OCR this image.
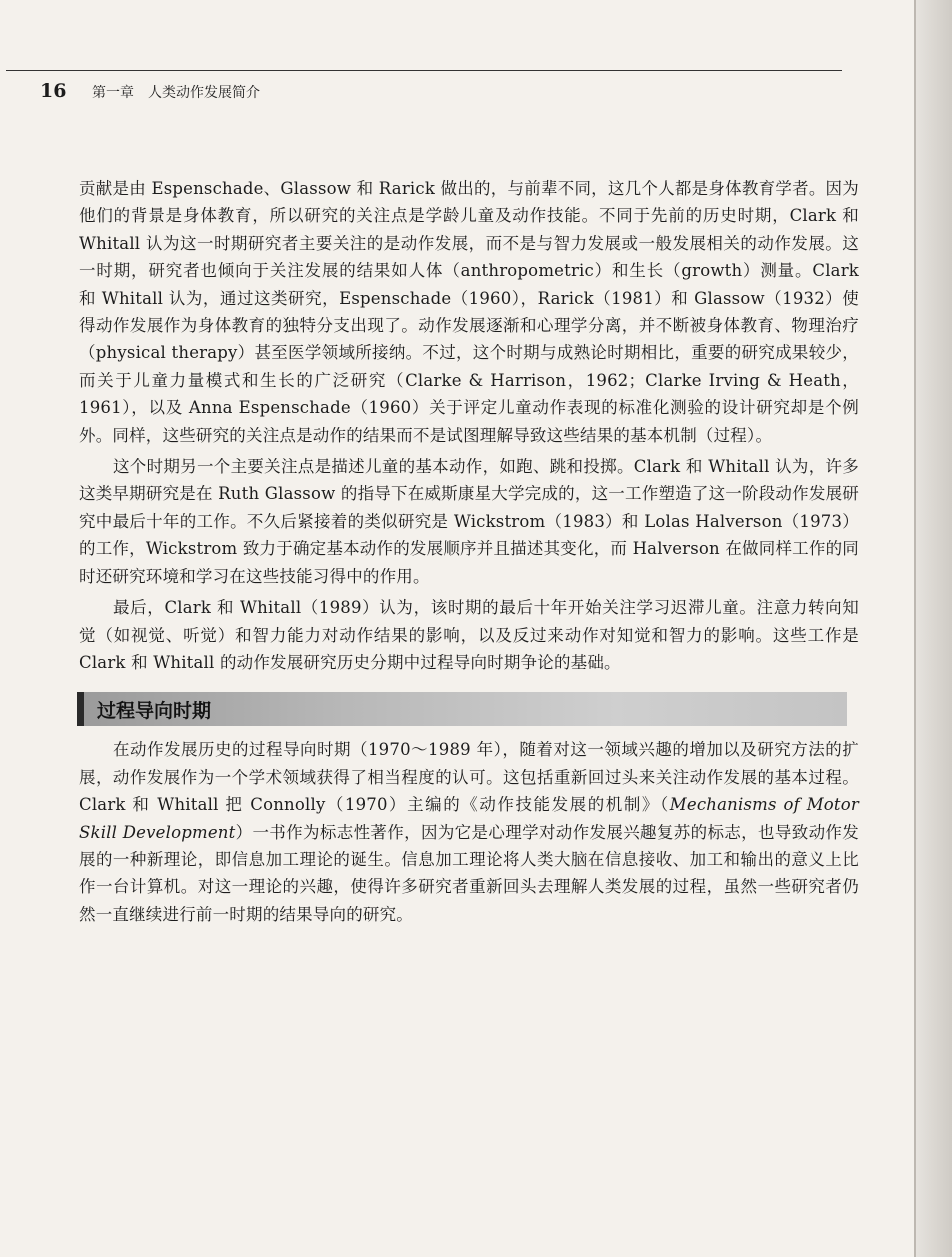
16 第一章　人类动作发展简介

贡献是由 Espenschade、Glassow 和 Rarick 做出的，与前辈不同，这几个人都是身体教育学者。因为他们的背景是身体教育，所以研究的关注点是学龄儿童及动作技能。不同于先前的历史时期，Clark 和 Whitall 认为这一时期研究者主要关注的是动作发展，而不是与智力发展或一般发展相关的动作发展。这一时期，研究者也倾向于关注发展的结果如人体（anthropometric）和生长（growth）测量。Clark 和 Whitall 认为，通过这类研究，Espenschade（1960），Rarick（1981）和 Glassow（1932）使得动作发展作为身体教育的独特分支出现了。动作发展逐渐和心理学分离，并不断被身体教育、物理治疗（physical therapy）甚至医学领域所接纳。不过，这个时期与成熟论时期相比，重要的研究成果较少，而关于儿童力量模式和生长的广泛研究（Clarke & Harrison，1962；Clarke Irving & Heath，1961），以及 Anna Espenschade（1960）关于评定儿童动作表现的标准化测验的设计研究却是个例外。同样，这些研究的关注点是动作的结果而不是试图理解导致这些结果的基本机制（过程）。

这个时期另一个主要关注点是描述儿童的基本动作，如跑、跳和投掷。Clark 和 Whitall 认为，许多这类早期研究是在 Ruth Glassow 的指导下在威斯康星大学完成的，这一工作塑造了这一阶段动作发展研究中最后十年的工作。不久后紧接着的类似研究是 Wickstrom（1983）和 Lolas Halverson（1973）的工作，Wickstrom 致力于确定基本动作的发展顺序并且描述其变化，而 Halverson 在做同样工作的同时还研究环境和学习在这些技能习得中的作用。

最后，Clark 和 Whitall（1989）认为，该时期的最后十年开始关注学习迟滞儿童。注意力转向知觉（如视觉、听觉）和智力能力对动作结果的影响，以及反过来动作对知觉和智力的影响。这些工作是 Clark 和 Whitall 的动作发展研究历史分期中过程导向时期争论的基础。

过程导向时期

在动作发展历史的过程导向时期（1970～1989 年），随着对这一领域兴趣的增加以及研究方法的扩展，动作发展作为一个学术领域获得了相当程度的认可。这包括重新回过头来关注动作发展的基本过程。Clark 和 Whitall 把 Connolly（1970）主编的《动作技能发展的机制》（Mechanisms of Motor Skill Development）一书作为标志性著作，因为它是心理学对动作发展兴趣复苏的标志，也导致动作发展的一种新理论，即信息加工理论的诞生。信息加工理论将人类大脑在信息接收、加工和输出的意义上比作一台计算机。对这一理论的兴趣，使得许多研究者重新回头去理解人类发展的过程，虽然一些研究者仍然一直继续进行前一时期的结果导向的研究。
